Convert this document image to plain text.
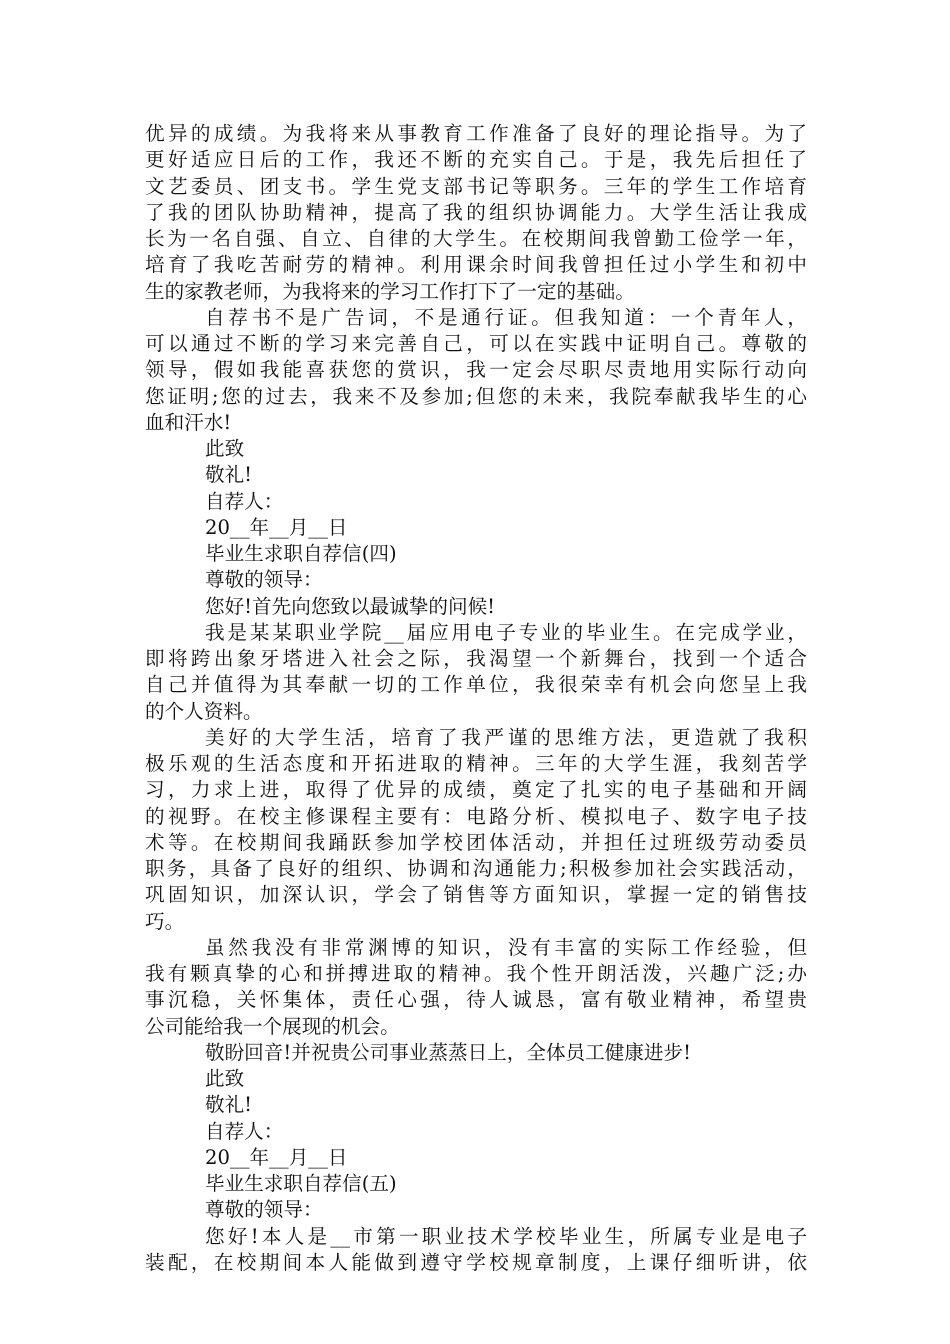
优异的成绩。为我将来从事教育工作准备了良好的理论指导。为了
更好适应日后的工作，我还不断的充实自己。于是，我先后担任了
文艺委员、团支书。学生党支部书记等职务。三年的学生工作培育
了我的团队协助精神，提高了我的组织协调能力。大学生活让我成
长为一名自强、自立、自律的大学生。在校期间我曾勤工俭学一年，
培育了我吃苦耐劳的精神。利用课余时间我曾担任过小学生和初中
生的家教老师，为我将来的学习工作打下了一定的基础。
自荐书不是广告词，不是通行证。但我知道：一个青年人，
可以通过不断的学习来完善自己，可以在实践中证明自己。尊敬的
领导，假如我能喜获您的赏识，我一定会尽职尽责地用实际行动向
您证明;您的过去，我来不及参加;但您的未来，我院奉献我毕生的心
血和汗水!
此致
敬礼!
自荐人：
20__年__月__日
毕业生求职自荐信(四)
尊敬的领导：
您好!首先向您致以最诚挚的问候!
我是某某职业学院__届应用电子专业的毕业生。在完成学业，
即将跨出象牙塔进入社会之际，我渴望一个新舞台，找到一个适合
自己并值得为其奉献一切的工作单位，我很荣幸有机会向您呈上我
的个人资料。
美好的大学生活，培育了我严谨的思维方法，更造就了我积
极乐观的生活态度和开拓进取的精神。三年的大学生涯，我刻苦学
习，力求上进，取得了优异的成绩，奠定了扎实的电子基础和开阔
的视野。在校主修课程主要有：电路分析、模拟电子、数字电子技
术等。在校期间我踊跃参加学校团体活动，并担任过班级劳动委员
职务，具备了良好的组织、协调和沟通能力;积极参加社会实践活动，
巩固知识，加深认识，学会了销售等方面知识，掌握一定的销售技
巧。
虽然我没有非常渊博的知识，没有丰富的实际工作经验，但
我有颗真挚的心和拼搏进取的精神。我个性开朗活泼，兴趣广泛;办
事沉稳，关怀集体，责任心强，待人诚恳，富有敬业精神，希望贵
公司能给我一个展现的机会。
敬盼回音!并祝贵公司事业蒸蒸日上，全体员工健康进步!
此致
敬礼!
自荐人：
20__年__月__日
毕业生求职自荐信(五)
尊敬的领导：
您好!本人是__市第一职业技术学校毕业生，所属专业是电子
装配，在校期间本人能做到遵守学校规章制度，上课仔细听讲，依
